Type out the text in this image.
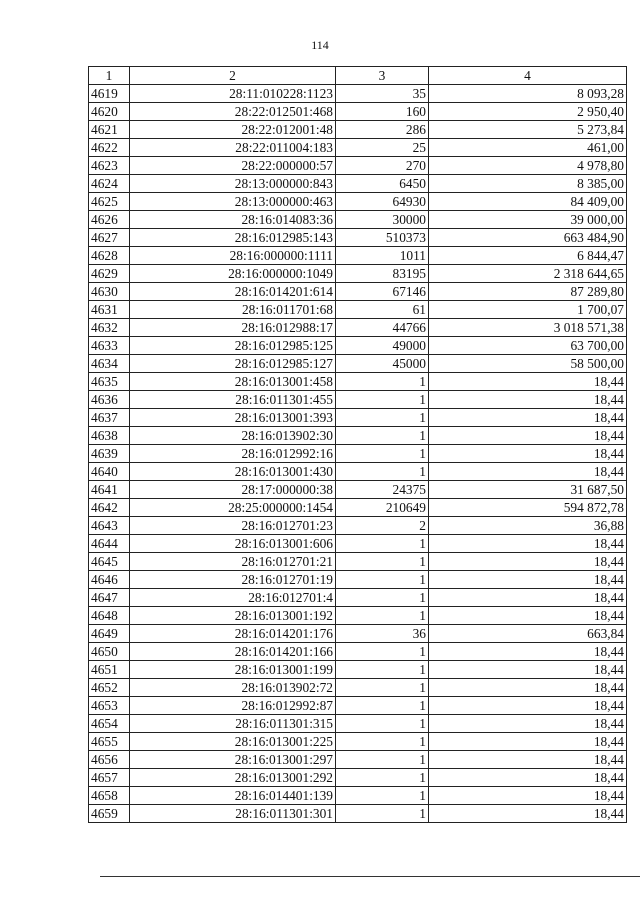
114
1	2	3	4
4619	28:11:010228:1123	35	8 093,28
4620	28:22:012501:468	160	2 950,40
4621	28:22:012001:48	286	5 273,84
4622	28:22:011004:183	25	461,00
4623	28:22:000000:57	270	4 978,80
4624	28:13:000000:843	6450	8 385,00
4625	28:13:000000:463	64930	84 409,00
4626	28:16:014083:36	30000	39 000,00
4627	28:16:012985:143	510373	663 484,90
4628	28:16:000000:1111	1011	6 844,47
4629	28:16:000000:1049	83195	2 318 644,65
4630	28:16:014201:614	67146	87 289,80
4631	28:16:011701:68	61	1 700,07
4632	28:16:012988:17	44766	3 018 571,38
4633	28:16:012985:125	49000	63 700,00
4634	28:16:012985:127	45000	58 500,00
4635	28:16:013001:458	1	18,44
4636	28:16:011301:455	1	18,44
4637	28:16:013001:393	1	18,44
4638	28:16:013902:30	1	18,44
4639	28:16:012992:16	1	18,44
4640	28:16:013001:430	1	18,44
4641	28:17:000000:38	24375	31 687,50
4642	28:25:000000:1454	210649	594 872,78
4643	28:16:012701:23	2	36,88
4644	28:16:013001:606	1	18,44
4645	28:16:012701:21	1	18,44
4646	28:16:012701:19	1	18,44
4647	28:16:012701:4	1	18,44
4648	28:16:013001:192	1	18,44
4649	28:16:014201:176	36	663,84
4650	28:16:014201:166	1	18,44
4651	28:16:013001:199	1	18,44
4652	28:16:013902:72	1	18,44
4653	28:16:012992:87	1	18,44
4654	28:16:011301:315	1	18,44
4655	28:16:013001:225	1	18,44
4656	28:16:013001:297	1	18,44
4657	28:16:013001:292	1	18,44
4658	28:16:014401:139	1	18,44
4659	28:16:011301:301	1	18,44
